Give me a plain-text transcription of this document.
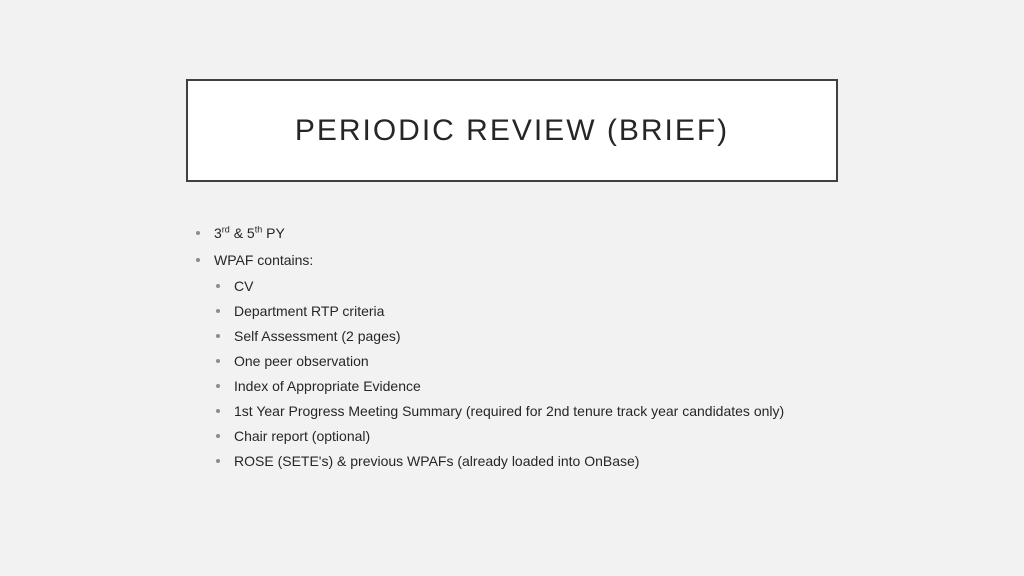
PERIODIC REVIEW (BRIEF)
3rd & 5th PY
WPAF contains:
CV
Department RTP criteria
Self Assessment (2 pages)
One peer observation
Index of Appropriate Evidence
1st Year Progress Meeting Summary (required for 2nd tenure track year candidates only)
Chair report (optional)
ROSE (SETE's) & previous WPAFs (already loaded into OnBase)
